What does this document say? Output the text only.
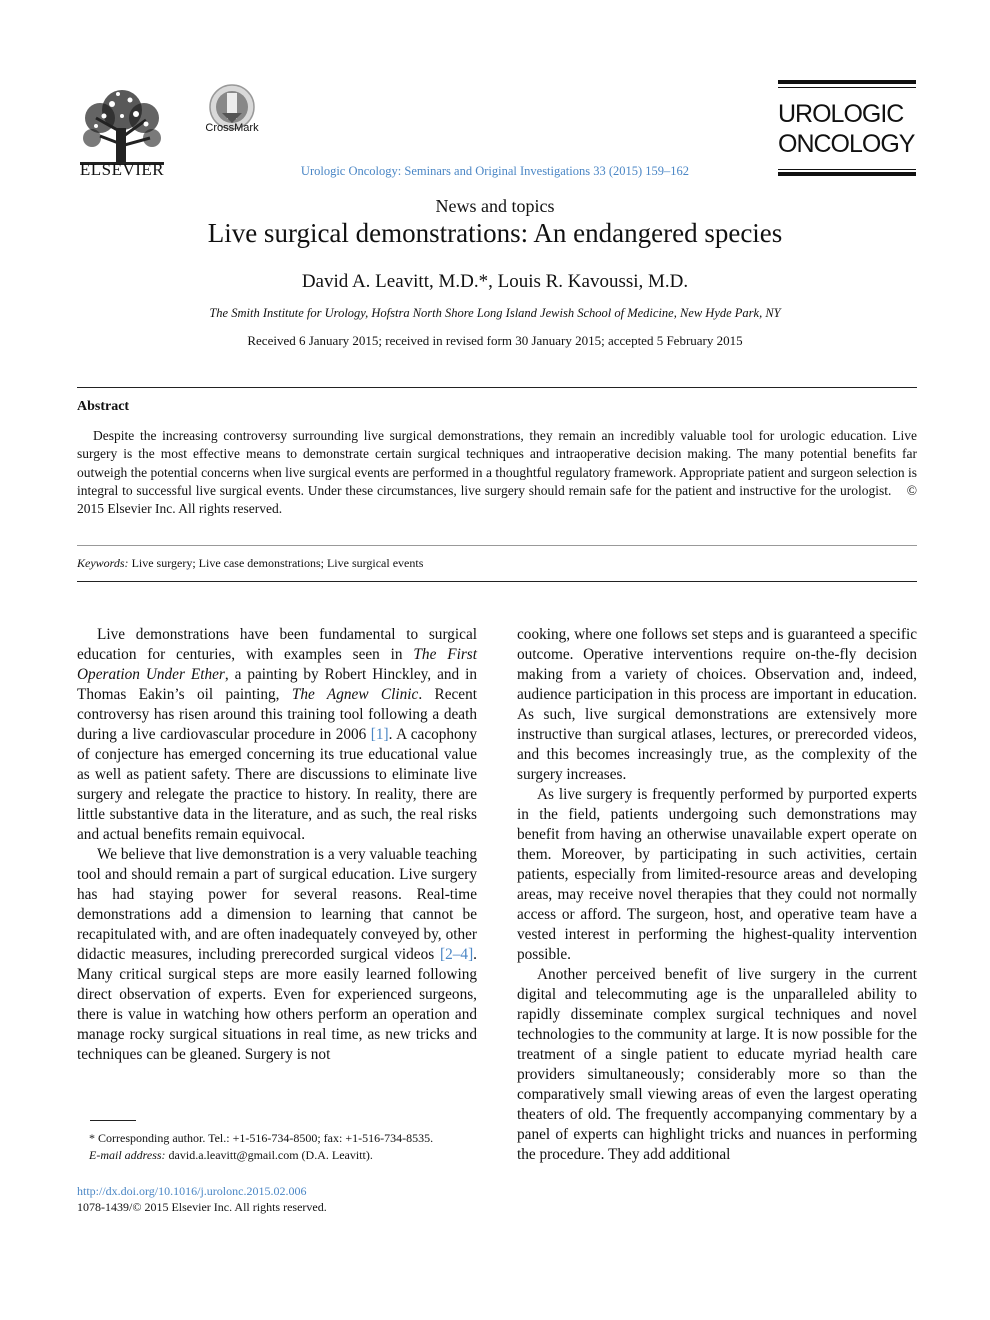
ELSEVIER
CrossMark
Urologic Oncology: Seminars and Original Investigations 33 (2015) 159–162
UROLOGIC
ONCOLOGY
News and topics
Live surgical demonstrations: An endangered species
David A. Leavitt, M.D.*, Louis R. Kavoussi, M.D.
The Smith Institute for Urology, Hofstra North Shore Long Island Jewish School of Medicine, New Hyde Park, NY
Received 6 January 2015; received in revised form 30 January 2015; accepted 5 February 2015
Abstract
Despite the increasing controversy surrounding live surgical demonstrations, they remain an incredibly valuable tool for urologic education. Live surgery is the most effective means to demonstrate certain surgical techniques and intraoperative decision making. The many potential benefits far outweigh the potential concerns when live surgical events are performed in a thoughtful regulatory framework. Appropriate patient and surgeon selection is integral to successful live surgical events. Under these circumstances, live surgery should remain safe for the patient and instructive for the urologist. © 2015 Elsevier Inc. All rights reserved.
Keywords: Live surgery; Live case demonstrations; Live surgical events

Live demonstrations have been fundamental to surgical education for centuries, with examples seen in The First Operation Under Ether, a painting by Robert Hinckley, and in Thomas Eakin’s oil painting, The Agnew Clinic. Recent controversy has risen around this training tool following a death during a live cardiovascular procedure in 2006 [1]. A cacophony of conjecture has emerged concerning its true educational value as well as patient safety. There are discussions to eliminate live surgery and relegate the practice to history. In reality, there are little substantive data in the literature, and as such, the real risks and actual benefits remain equivocal.

We believe that live demonstration is a very valuable teaching tool and should remain a part of surgical education. Live surgery has had staying power for several reasons. Real-time demonstrations add a dimension to learning that cannot be recapitulated with, and are often inadequately conveyed by, other didactic measures, including prerecorded surgical videos [2–4]. Many critical surgical steps are more easily learned following direct observation of experts. Even for experienced surgeons, there is value in watching how others perform an operation and manage rocky surgical situations in real time, as new tricks and techniques can be gleaned. Surgery is not

cooking, where one follows set steps and is guaranteed a specific outcome. Operative interventions require on-the-fly decision making from a variety of choices. Observation and, indeed, audience participation in this process are important in education. As such, live surgical demonstrations are extensively more instructive than surgical atlases, lectures, or prerecorded videos, and this becomes increasingly true, as the complexity of the surgery increases.

As live surgery is frequently performed by purported experts in the field, patients undergoing such demonstrations may benefit from having an otherwise unavailable expert operate on them. Moreover, by participating in such activities, certain patients, especially from limited-resource areas and developing areas, may receive novel therapies that they could not normally access or afford. The surgeon, host, and operative team have a vested interest in performing the highest-quality intervention possible.

Another perceived benefit of live surgery in the current digital and telecommuting age is the unparalleled ability to rapidly disseminate complex surgical techniques and novel technologies to the community at large. It is now possible for the treatment of a single patient to educate myriad health care providers simultaneously; considerably more so than the comparatively small viewing areas of even the largest operating theaters of old. The frequently accompanying commentary by a panel of experts can highlight tricks and nuances in performing the procedure. They add additional

* Corresponding author. Tel.: +1-516-734-8500; fax: +1-516-734-8535.
E-mail address: david.a.leavitt@gmail.com (D.A. Leavitt).
http://dx.doi.org/10.1016/j.urolonc.2015.02.006
1078-1439/© 2015 Elsevier Inc. All rights reserved.
